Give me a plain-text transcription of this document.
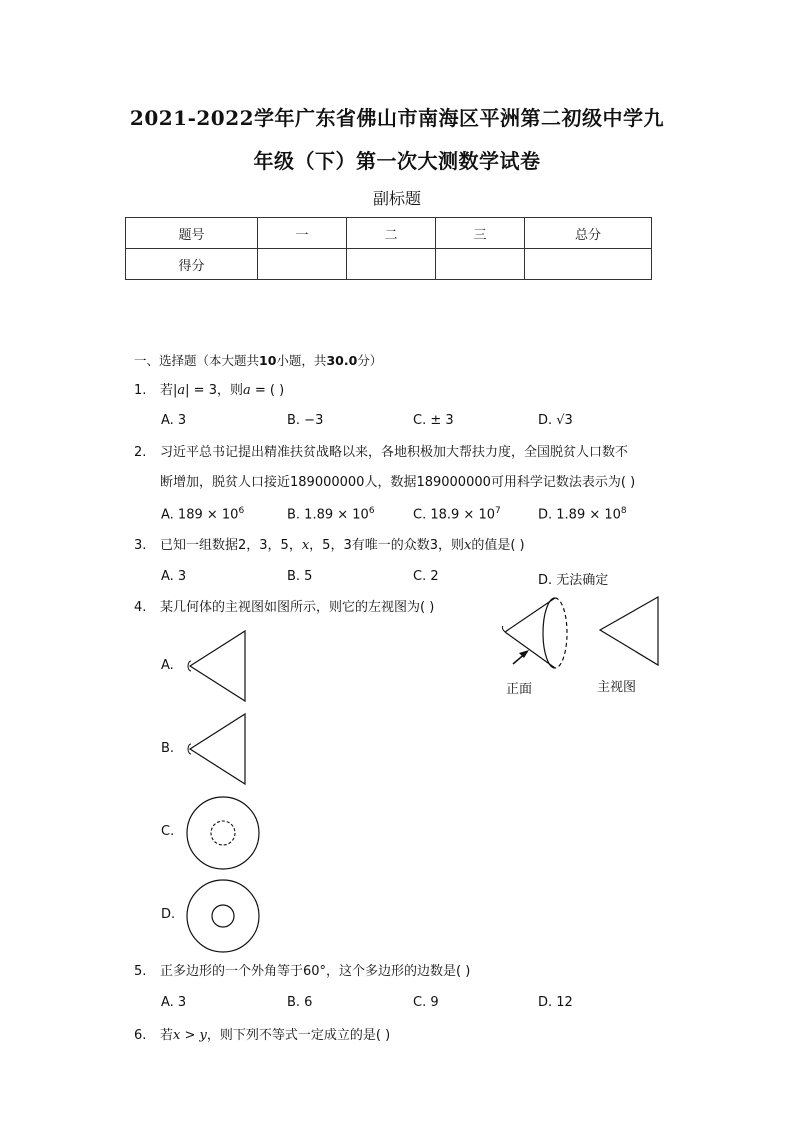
2021-2022学年广东省佛山市南海区平洲第二初级中学九
年级（下）第一次大测数学试卷
副标题
题号	一	二	三	总分
得分				
一、选择题（本大题共10小题，共30.0分）
1. 若|a| = 3，则a = ( )
A. 3	B. −3	C. ± 3	D. √3
2. 习近平总书记提出精准扶贫战略以来，各地积极加大帮扶力度，全国脱贫人口数不
断增加，脱贫人口接近189000000人，数据189000000可用科学记数法表示为( )
A. $189 \times 10^6$	B. $1.89 \times 10^6$	C. $18.9 \times 10^7$	D. $1.89 \times 10^8$
3. 已知一组数据2，3，5，x，5，3有唯一的众数3，则x的值是( )
A. 3	B. 5	C. 2	D. 无法确定
4. 某几何体的主视图如图所示，则它的左视图为( )
正面	主视图
A.
B.
C.
D.
5. 正多边形的一个外角等于60°，这个多边形的边数是( )
A. 3	B. 6	C. 9	D. 12
6. 若x > y，则下列不等式一定成立的是( )
